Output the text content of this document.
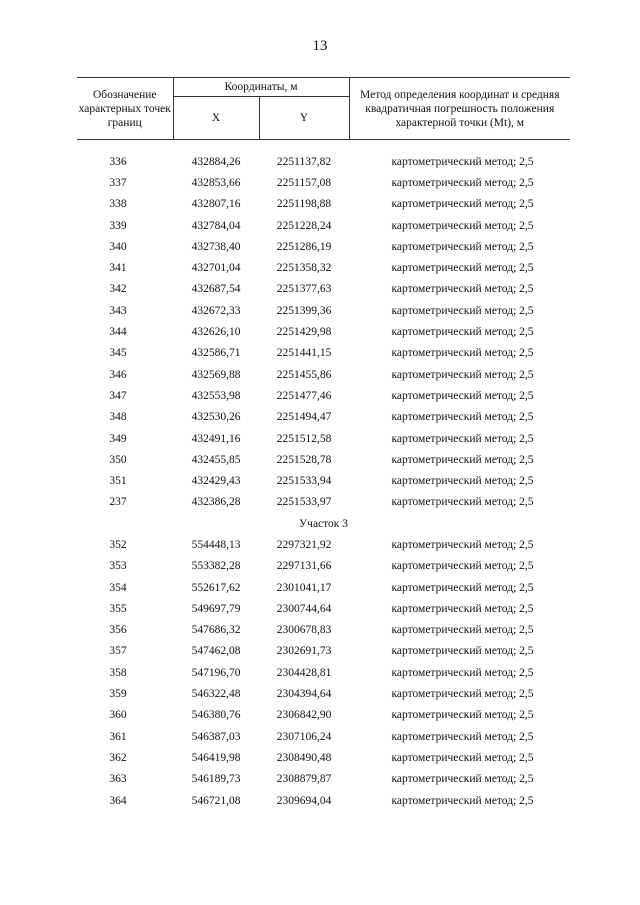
13
Обозначение характерных точек границ	Координаты, м		Метод определения координат и средняя квадратичная погрешность положения характерной точки (Mt), м
	X	Y	

336	432884,26	2251137,82	картометрический метод; 2,5
337	432853,66	2251157,08	картометрический метод; 2,5
338	432807,16	2251198,88	картометрический метод; 2,5
339	432784,04	2251228,24	картометрический метод; 2,5
340	432738,40	2251286,19	картометрический метод; 2,5
341	432701,04	2251358,32	картометрический метод; 2,5
342	432687,54	2251377,63	картометрический метод; 2,5
343	432672,33	2251399,36	картометрический метод; 2,5
344	432626,10	2251429,98	картометрический метод; 2,5
345	432586,71	2251441,15	картометрический метод; 2,5
346	432569,88	2251455,86	картометрический метод; 2,5
347	432553,98	2251477,46	картометрический метод; 2,5
348	432530,26	2251494,47	картометрический метод; 2,5
349	432491,16	2251512,58	картометрический метод; 2,5
350	432455,85	2251528,78	картометрический метод; 2,5
351	432429,43	2251533,94	картометрический метод; 2,5
237	432386,28	2251533,97	картометрический метод; 2,5
Участок 3			
352	554448,13	2297321,92	картометрический метод; 2,5
353	553382,28	2297131,66	картометрический метод; 2,5
354	552617,62	2301041,17	картометрический метод; 2,5
355	549697,79	2300744,64	картометрический метод; 2,5
356	547686,32	2300678,83	картометрический метод; 2,5
357	547462,08	2302691,73	картометрический метод; 2,5
358	547196,70	2304428,81	картометрический метод; 2,5
359	546322,48	2304394,64	картометрический метод; 2,5
360	546380,76	2306842,90	картометрический метод; 2,5
361	546387,03	2307106,24	картометрический метод; 2,5
362	546419,98	2308490,48	картометрический метод; 2,5
363	546189,73	2308879,87	картометрический метод; 2,5
364	546721,08	2309694,04	картометрический метод; 2,5
